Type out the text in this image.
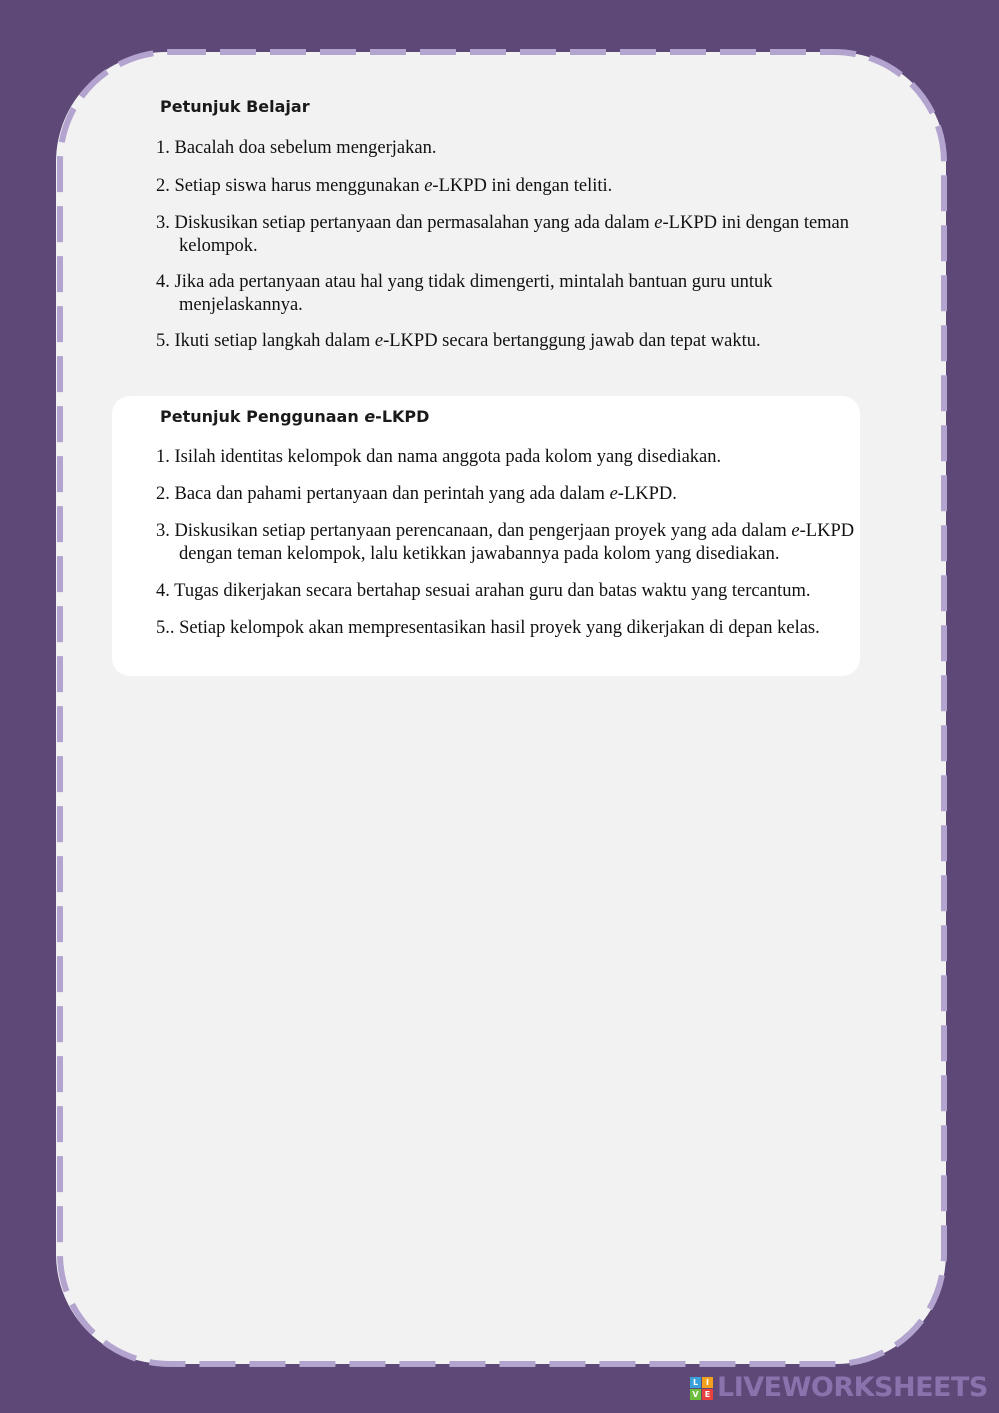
Petunjuk Belajar
1. Bacalah doa sebelum mengerjakan.
2. Setiap siswa harus menggunakan e-LKPD ini dengan teliti.
3. Diskusikan setiap pertanyaan dan permasalahan yang ada dalam e-LKPD ini dengan teman kelompok.
4. Jika ada pertanyaan atau hal yang tidak dimengerti, mintalah bantuan guru untuk menjelaskannya.
5. Ikuti setiap langkah dalam e-LKPD secara bertanggung jawab dan tepat waktu.
Petunjuk Penggunaan e-LKPD
1. Isilah identitas kelompok dan nama anggota pada kolom yang disediakan.
2. Baca dan pahami pertanyaan dan perintah yang ada dalam e-LKPD.
3. Diskusikan setiap pertanyaan perencanaan, dan pengerjaan proyek yang ada dalam e-LKPD dengan teman kelompok, lalu ketikkan jawabannya pada kolom yang disediakan.
4. Tugas dikerjakan secara bertahap sesuai arahan guru dan batas waktu yang tercantum.
5.. Setiap kelompok akan mempresentasikan hasil proyek yang dikerjakan di depan kelas.
L I
V E LIVEWORKSHEETS
